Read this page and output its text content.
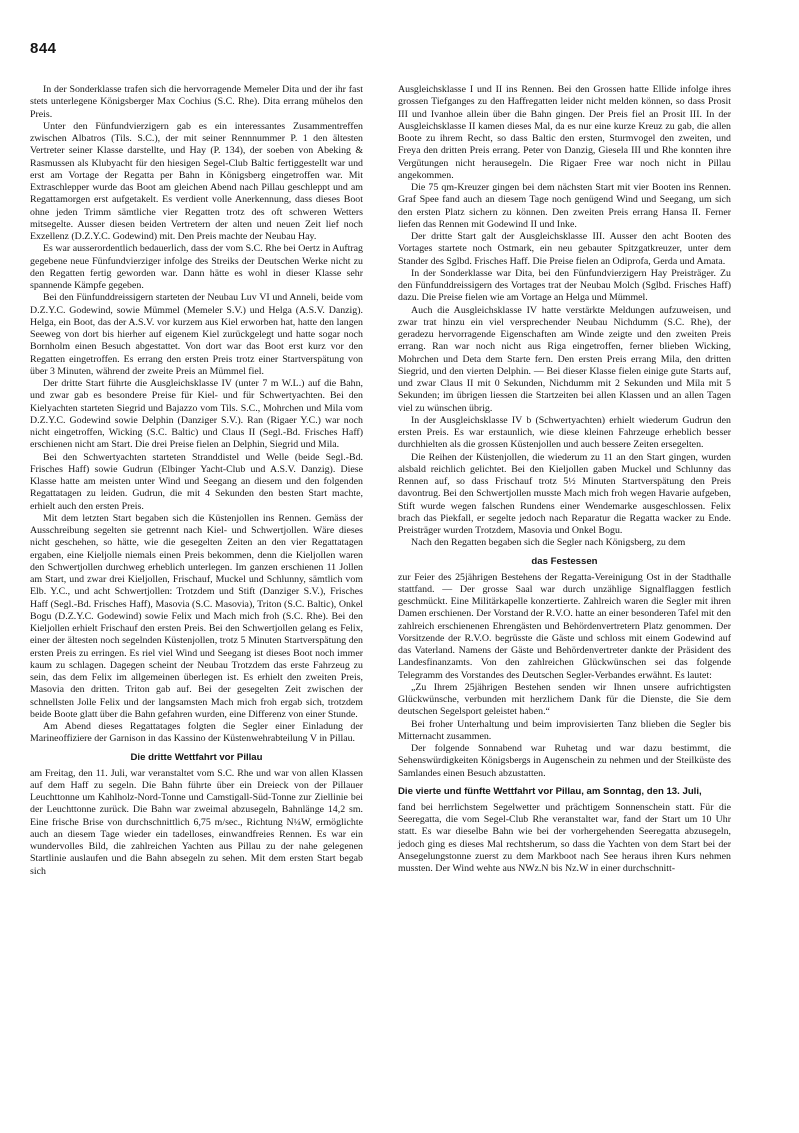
844

In der Sonderklasse trafen sich die hervorragende Memeler Dita und der ihr fast stets unterlegene Königsberger Max Cochius (S.C. Rhe). Dita errang mühelos den Preis.

Unter den Fünfundvierzigern gab es ein interessantes Zusammentreffen zwischen Albatros (Tils. S.C.), der mit seiner Rennnummer P. 1 den ältesten Vertreter seiner Klasse darstellte, und Hay (P. 134), der soeben von Abeking & Rasmussen als Klubyacht für den hiesigen Segel-Club Baltic fertiggestellt war und erst am Vortage der Regatta per Bahn in Königsberg eingetroffen war. Mit Extraschlepper wurde das Boot am gleichen Abend nach Pillau geschleppt und am Regattamorgen erst aufgetakelt. Es verdient volle Anerkennung, dass dieses Boot ohne jeden Trimm sämtliche vier Regatten trotz des oft schweren Wetters mitsegelte. Ausser diesen beiden Vertretern der alten und neuen Zeit lief noch Exzellenz (D.Z.Y.C. Godewind) mit. Den Preis machte der Neubau Hay.

Es war ausserordentlich bedauerlich, dass der vom S.C. Rhe bei Oertz in Auftrag gegebene neue Fünfundvierziger infolge des Streiks der Deutschen Werke nicht zu den Regatten fertig geworden war. Dann hätte es wohl in dieser Klasse sehr spannende Kämpfe gegeben.

Bei den Fünfunddreissigern starteten der Neubau Luv VI und Anneli, beide vom D.Z.Y.C. Godewind, sowie Mümmel (Memeler S.V.) und Helga (A.S.V. Danzig). Helga, ein Boot, das der A.S.V. vor kurzem aus Kiel erworben hat, hatte den langen Seeweg von dort bis hierher auf eigenem Kiel zurückgelegt und hatte sogar noch Bornholm einen Besuch abgestattet. Von dort war das Boot erst kurz vor den Regatten eingetroffen. Es errang den ersten Preis trotz einer Startverspätung von über 3 Minuten, während der zweite Preis an Mümmel fiel.

Der dritte Start führte die Ausgleichsklasse IV (unter 7 m W.L.) auf die Bahn, und zwar gab es besondere Preise für Kiel- und für Schwertyachten. Bei den Kielyachten starteten Siegrid und Bajazzo vom Tils. S.C., Mohrchen und Mila vom D.Z.Y.C. Godewind sowie Delphin (Danziger S.V.). Ran (Rigaer Y.C.) war noch nicht eingetroffen, Wicking (S.C. Baltic) und Claus II (Segl.-Bd. Frisches Haff) erschienen nicht am Start. Die drei Preise fielen an Delphin, Siegrid und Mila.

Bei den Schwertyachten starteten Stranddistel und Welle (beide Segl.-Bd. Frisches Haff) sowie Gudrun (Elbinger Yacht-Club und A.S.V. Danzig). Diese Klasse hatte am meisten unter Wind und Seegang an diesem und den folgenden Regattatagen zu leiden. Gudrun, die mit 4 Sekunden den besten Start machte, erhielt auch den ersten Preis.

Mit dem letzten Start begaben sich die Küstenjollen ins Rennen. Gemäss der Ausschreibung segelten sie getrennt nach Kiel- und Schwertjollen. Wäre dieses nicht geschehen, so hätte, wie die gesegelten Zeiten an den vier Regattatagen ergaben, eine Kieljolle niemals einen Preis bekommen, denn die Kieljollen waren den Schwertjollen durchweg erheblich unterlegen. Im ganzen erschienen 11 Jollen am Start, und zwar drei Kieljollen, Frischauf, Muckel und Schlunny, sämtlich vom Elb. Y.C., und acht Schwertjollen: Trotzdem und Stift (Danziger S.V.), Frisches Haff (Segl.-Bd. Frisches Haff), Masovia (S.C. Masovia), Triton (S.C. Baltic), Onkel Bogu (D.Z.Y.C. Godewind) sowie Felix und Mach mich froh (S.C. Rhe). Bei den Kieljollen erhielt Frischauf den ersten Preis. Bei den Schwertjollen gelang es Felix, einer der ältesten noch segelnden Küstenjollen, trotz 5 Minuten Startverspätung den ersten Preis zu erringen. Es riel viel Wind und Seegang ist dieses Boot noch immer kaum zu schlagen. Dagegen scheint der Neubau Trotzdem das erste Fahrzeug zu sein, das dem Felix im allgemeinen überlegen ist. Es erhielt den zweiten Preis, Masovia den dritten. Triton gab auf. Bei der gesegelten Zeit zwischen der schnellsten Jolle Felix und der langsamsten Mach mich froh ergab sich, trotzdem beide Boote glatt über die Bahn gefahren wurden, eine Differenz von einer Stunde.

Am Abend dieses Regattatages folgten die Segler einer Einladung der Marineoffiziere der Garnison in das Kassino der Küstenwehrabteilung V in Pillau.

Die dritte Wettfahrt vor Pillau

am Freitag, den 11. Juli, war veranstaltet vom S.C. Rhe und war von allen Klassen auf dem Haff zu segeln. Die Bahn führte über ein Dreieck von der Pillauer Leuchttonne um Kahlholz-Nord-Tonne und Camstigall-Süd-Tonne zur Ziellinie bei der Leuchttonne zurück. Die Bahn war zweimal abzusegeln, Bahnlänge 14,2 sm. Eine frische Brise von durchschnittlich 6,75 m/sec., Richtung N¼W, ermöglichte auch an diesem Tage wieder ein tadelloses, einwandfreies Rennen. Es war ein wundervolles Bild, die zahlreichen Yachten aus Pillau zu der nahe gelegenen Startlinie auslaufen und die Bahn absegeln zu sehen. Mit dem ersten Start begab sich

Ausgleichsklasse I und II ins Rennen. Bei den Grossen hatte Ellide infolge ihres grossen Tiefganges zu den Haffregatten leider nicht melden können, so dass Prosit III und Ivanhoe allein über die Bahn gingen. Der Preis fiel an Prosit III. In der Ausgleichsklasse II kamen dieses Mal, da es nur eine kurze Kreuz zu gab, die allen Boote zu ihrem Recht, so dass Baltic den ersten, Sturmvogel den zweiten, und Freya den dritten Preis errang. Peter von Danzig, Giesela III und Rhe konnten ihre Vergütungen nicht herausegeln. Die Rigaer Free war noch nicht in Pillau angekommen.

Die 75 qm-Kreuzer gingen bei dem nächsten Start mit vier Booten ins Rennen. Graf Spee fand auch an diesem Tage noch genügend Wind und Seegang, um sich den ersten Platz sichern zu können. Den zweiten Preis errang Hansa II. Ferner liefen das Rennen mit Godewind II und Inke.

Der dritte Start galt der Ausgleichsklasse III. Ausser den acht Booten des Vortages startete noch Ostmark, ein neu gebauter Spitzgatkreuzer, unter dem Stander des Sglbd. Frisches Haff. Die Preise fielen an Odiprofa, Gerda und Amata.

In der Sonderklasse war Dita, bei den Fünfundvierzigern Hay Preisträger. Zu den Fünfunddreissigern des Vortages trat der Neubau Molch (Sglbd. Frisches Haff) dazu. Die Preise fielen wie am Vortage an Helga und Mümmel.

Auch die Ausgleichsklasse IV hatte verstärkte Meldungen aufzuweisen, und zwar trat hinzu ein viel versprechender Neubau Nichdumm (S.C. Rhe), der geradezu hervorragende Eigenschaften am Winde zeigte und den zweiten Preis errang. Ran war noch nicht aus Riga eingetroffen, ferner blieben Wicking, Mohrchen und Deta dem Starte fern. Den ersten Preis errang Mila, den dritten Siegrid, und den vierten Delphin. — Bei dieser Klasse fielen einige gute Starts auf, und zwar Claus II mit 0 Sekunden, Nichdumm mit 2 Sekunden und Mila mit 5 Sekunden; im übrigen liessen die Startzeiten bei allen Klassen und an allen Tagen viel zu wünschen übrig.

In der Ausgleichsklasse IV b (Schwertyachten) erhielt wiederum Gudrun den ersten Preis. Es war erstaunlich, wie diese kleinen Fahrzeuge erheblich besser durchhielten als die grossen Küstenjollen und auch bessere Zeiten ersegelten.

Die Reihen der Küstenjollen, die wiederum zu 11 an den Start gingen, wurden alsbald reichlich gelichtet. Bei den Kieljollen gaben Muckel und Schlunny das Rennen auf, so dass Frischauf trotz 5½ Minuten Startverspätung den Preis davontrug. Bei den Schwertjollen musste Mach mich froh wegen Havarie aufgeben, Stift wurde wegen falschen Rundens einer Wendemarke ausgeschlossen. Felix brach das Piekfall, er segelte jedoch nach Reparatur die Regatta wacker zu Ende. Preisträger wurden Trotzdem, Masovia und Onkel Bogu.

Nach den Regatten begaben sich die Segler nach Königsberg, zu dem

das Festessen

zur Feier des 25jährigen Bestehens der Regatta-Vereinigung Ost in der Stadthalle stattfand. — Der grosse Saal war durch unzählige Signalflaggen festlich geschmückt. Eine Militärkapelle konzertierte. Zahlreich waren die Segler mit ihren Damen erschienen. Der Vorstand der R.V.O. hatte an einer besonderen Tafel mit den zahlreich erschienenen Ehrengästen und Behördenvertretern Platz genommen. Der Vorsitzende der R.V.O. begrüsste die Gäste und schloss mit einem Godewind auf das Vaterland. Namens der Gäste und Behördenvertreter dankte der Präsident des Landesfinanzamts. Von den zahlreichen Glückwünschen sei das folgende Telegramm des Vorstandes des Deutschen Segler-Verbandes erwähnt. Es lautet:

„Zu Ihrem 25jährigen Bestehen senden wir Ihnen unsere aufrichtigsten Glückwünsche, verbunden mit herzlichem Dank für die Dienste, die Sie dem deutschen Segelsport geleistet haben.“

Bei froher Unterhaltung und beim improvisierten Tanz blieben die Segler bis Mitternacht zusammen.

Der folgende Sonnabend war Ruhetag und war dazu bestimmt, die Sehenswürdigkeiten Königsbergs in Augenschein zu nehmen und der Steilküste des Samlandes einen Besuch abzustatten.

Die vierte und fünfte Wettfahrt vor Pillau, am Sonntag, den 13. Juli,

fand bei herrlichstem Segelwetter und prächtigem Sonnenschein statt. Für die Seeregatta, die vom Segel-Club Rhe veranstaltet war, fand der Start um 10 Uhr statt. Es war dieselbe Bahn wie bei der vorhergehenden Seeregatta abzusegeln, jedoch ging es dieses Mal rechtsherum, so dass die Yachten von dem Start bei der Ansegelungstonne zuerst zu dem Markboot nach See heraus ihren Kurs nehmen mussten. Der Wind wehte aus NWz.N bis Nz.W in einer durchschnitt-
